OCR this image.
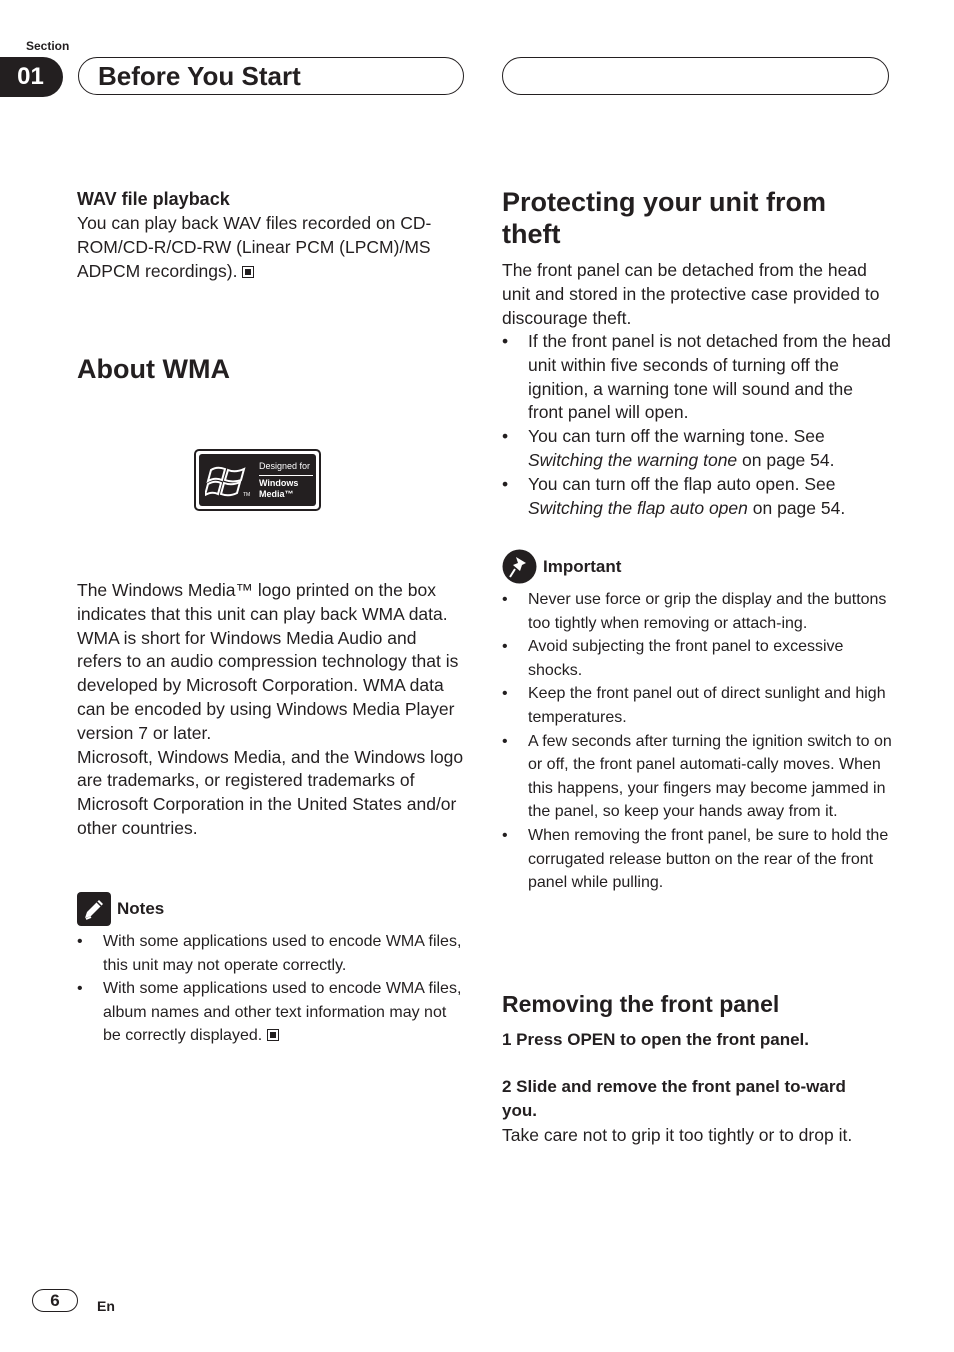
Section
01	Before You Start
WAV file playback
You can play back WAV files recorded on CD-ROM/CD-R/CD-RW (Linear PCM (LPCM)/MS ADPCM recordings).
About WMA
Designed for
Windows
Media™
TM
The Windows Media™ logo printed on the box indicates that this unit can play back WMA data.
WMA is short for Windows Media Audio and refers to an audio compression technology that is developed by Microsoft Corporation. WMA data can be encoded by using Windows Media Player version 7 or later.
Microsoft, Windows Media, and the Windows logo are trademarks, or registered trademarks of Microsoft Corporation in the United States and/or other countries.
Notes
• With some applications used to encode WMA files, this unit may not operate correctly.
• With some applications used to encode WMA files, album names and other text information may not be correctly displayed.
Protecting your unit from theft
The front panel can be detached from the head unit and stored in the protective case provided to discourage theft.
• If the front panel is not detached from the head unit within five seconds of turning off the ignition, a warning tone will sound and the front panel will open.
• You can turn off the warning tone. See Switching the warning tone on page 54.
• You can turn off the flap auto open. See Switching the flap auto open on page 54.
Important
• Never use force or grip the display and the buttons too tightly when removing or attach-ing.
• Avoid subjecting the front panel to excessive shocks.
• Keep the front panel out of direct sunlight and high temperatures.
• A few seconds after turning the ignition switch to on or off, the front panel automati-cally moves. When this happens, your fingers may become jammed in the panel, so keep your hands away from it.
• When removing the front panel, be sure to hold the corrugated release button on the rear of the front panel while pulling.
Removing the front panel
1 Press OPEN to open the front panel.
2 Slide and remove the front panel to-ward you.
Take care not to grip it too tightly or to drop it.
6	En
